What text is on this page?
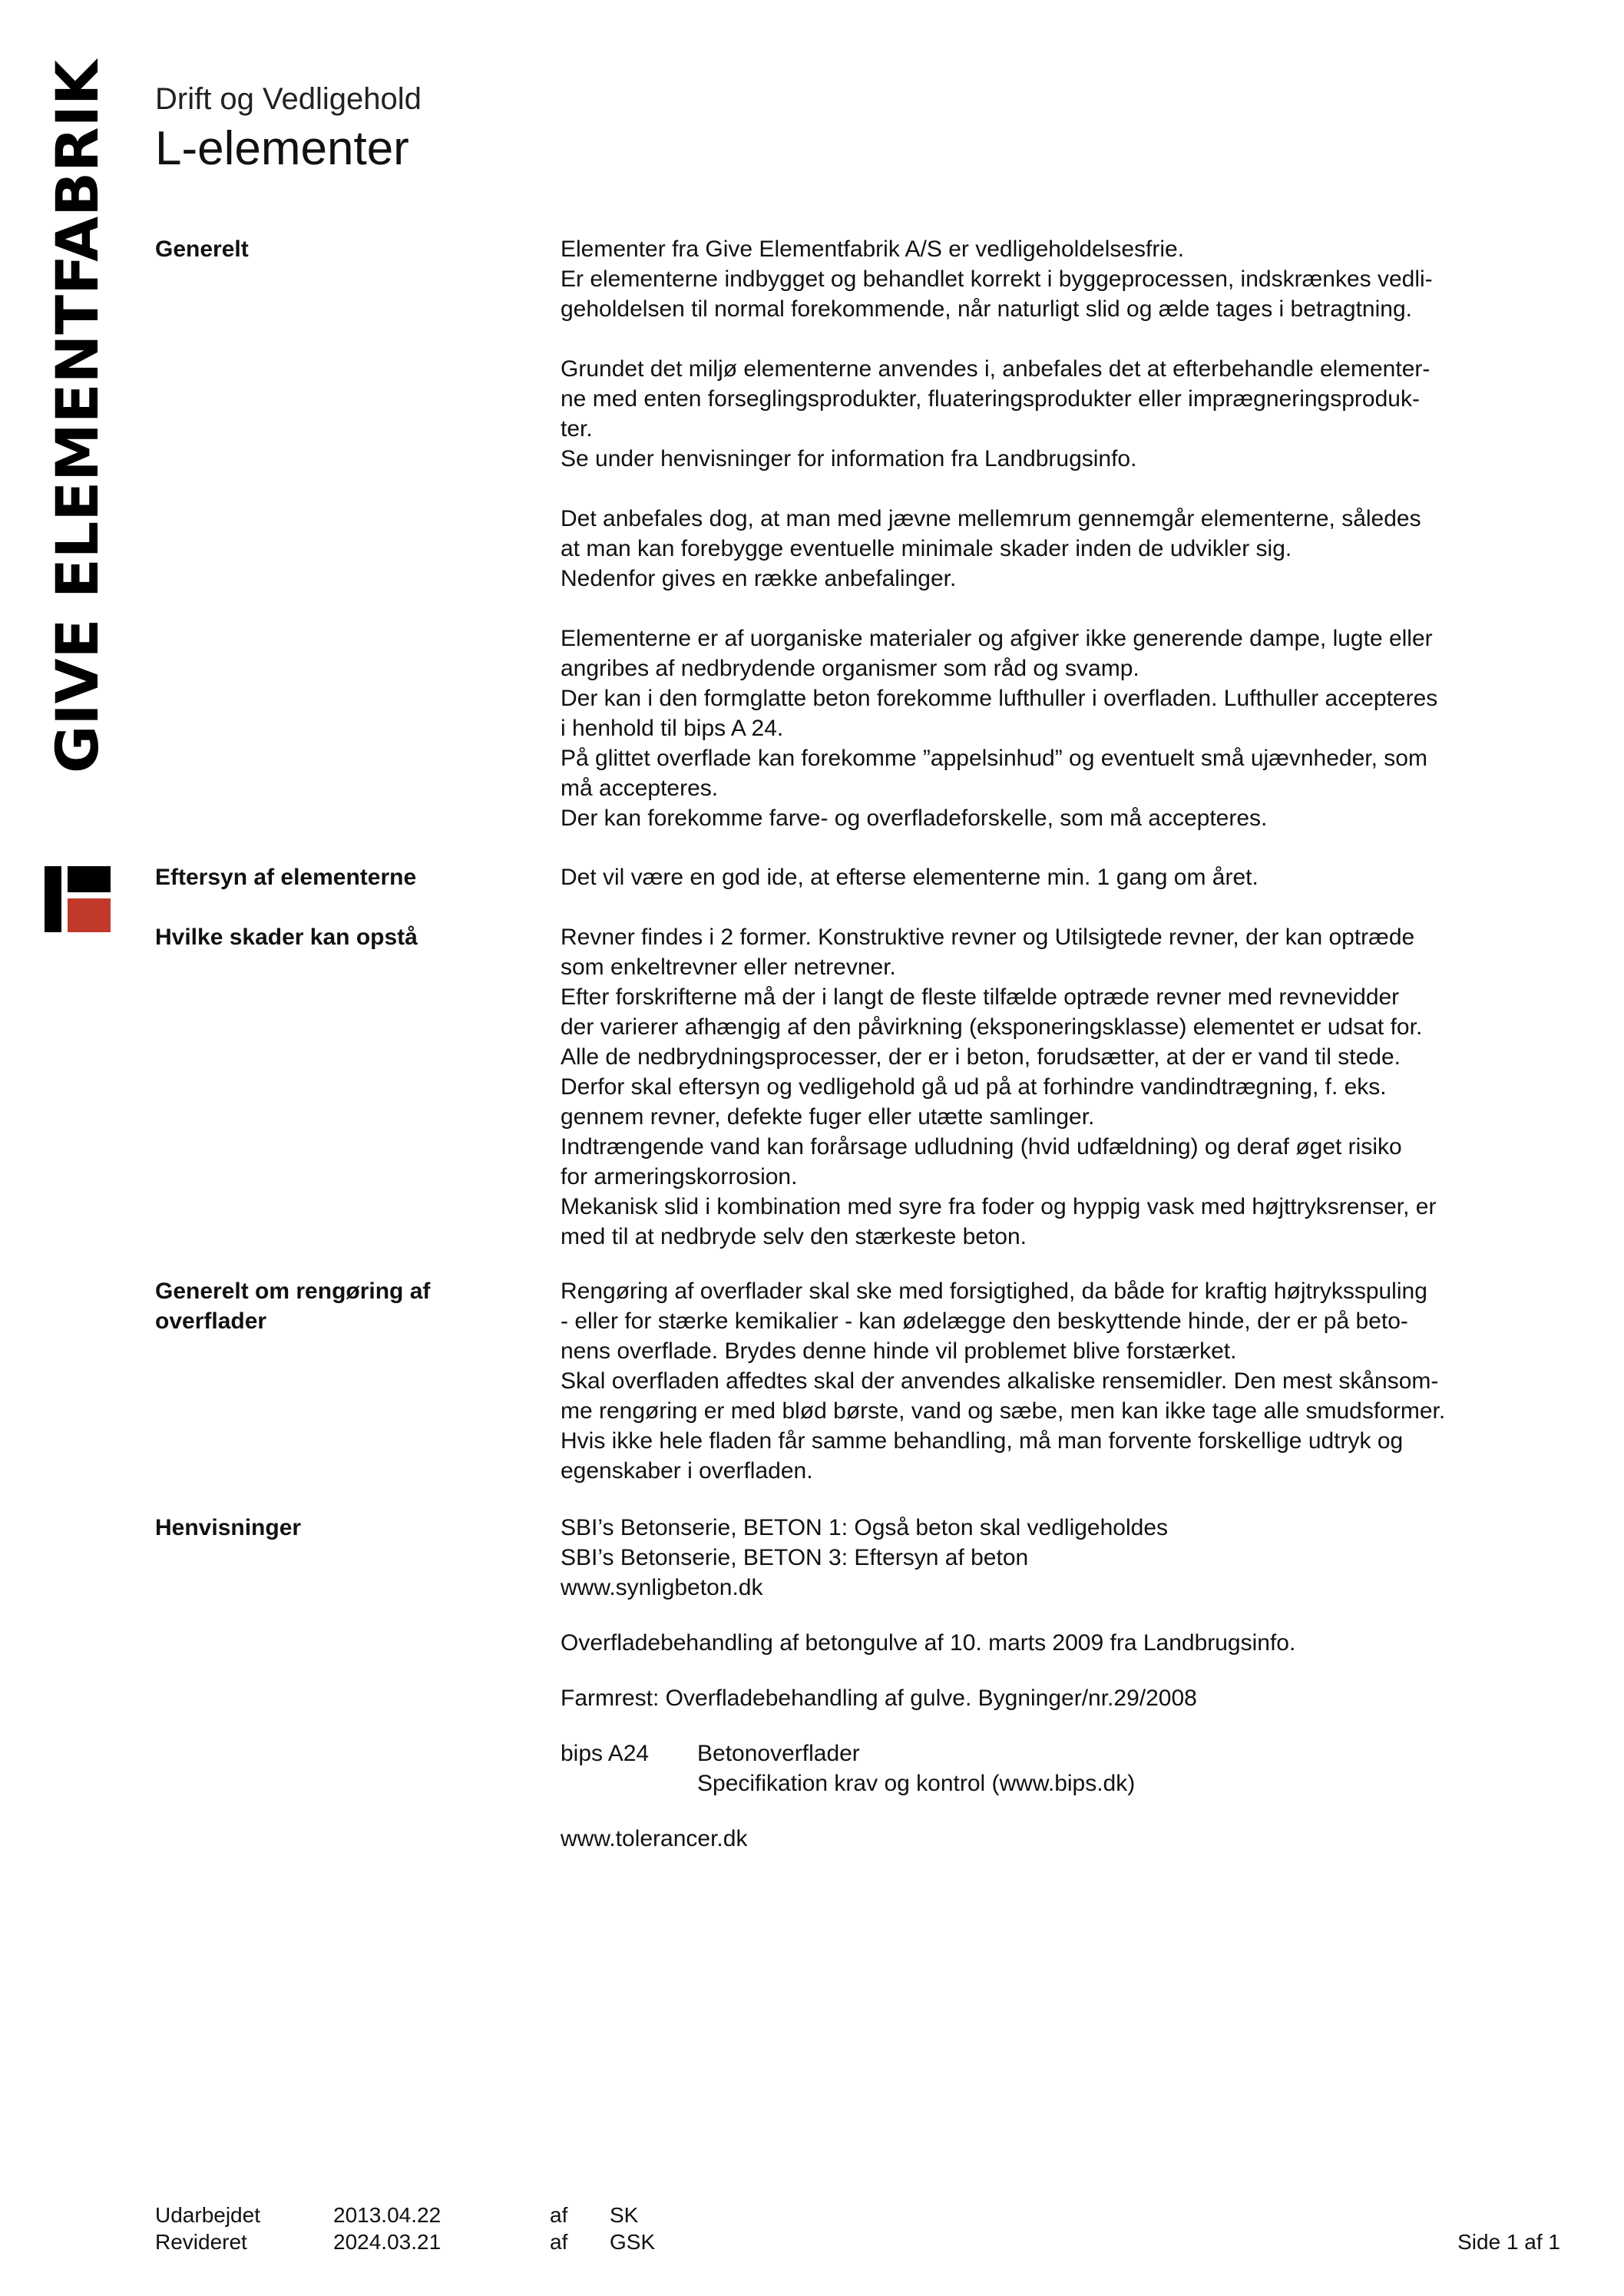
GIVE ELEMENTFABRIK Drift og Vedligehold
L-elementer
Generelt	Elementer fra Give Elementfabrik A/S er vedligeholdelsesfrie.
Er elementerne indbygget og behandlet korrekt i byggeprocessen, indskrænkes vedli-
geholdelsen til normal forekommende, når naturligt slid og ælde tages i betragtning.

Grundet det miljø elementerne anvendes i, anbefales det at efterbehandle elementer-
ne med enten forseglingsprodukter, fluateringsprodukter eller imprægneringsproduk-
ter.
Se under henvisninger for information fra Landbrugsinfo.

Det anbefales dog, at man med jævne mellemrum gennemgår elementerne, således
at man kan forebygge eventuelle minimale skader inden de udvikler sig.
Nedenfor gives en række anbefalinger.

Elementerne er af uorganiske materialer og afgiver ikke generende dampe, lugte eller
angribes af nedbrydende organismer som råd og svamp.
Der kan i den formglatte beton forekomme lufthuller i overfladen. Lufthuller accepteres
i henhold til bips A 24.
På glittet overflade kan forekomme ”appelsinhud” og eventuelt små ujævnheder, som
må accepteres.
Der kan forekomme farve- og overfladeforskelle, som må accepteres.

Eftersyn af elementerne	Det vil være en god ide, at efterse elementerne min. 1 gang om året.
Hvilke skader kan opstå	Revner findes i 2 former. Konstruktive revner og Utilsigtede revner, der kan optræde
som enkeltrevner eller netrevner.
Efter forskrifterne må der i langt de fleste tilfælde optræde revner med revnevidder
der varierer afhængig af den påvirkning (eksponeringsklasse) elementet er udsat for.
Alle de nedbrydningsprocesser, der er i beton, forudsætter, at der er vand til stede.
Derfor skal eftersyn og vedligehold gå ud på at forhindre vandindtrægning, f. eks.
gennem revner, defekte fuger eller utætte samlinger.
Indtrængende vand kan forårsage udludning (hvid udfældning) og deraf øget risiko
for armeringskorrosion.
Mekanisk slid i kombination med syre fra foder og hyppig vask med højttryksrenser, er
med til at nedbryde selv den stærkeste beton.
Generelt om rengøring af
overflader
Rengøring af overflader skal ske med forsigtighed, da både for kraftig højtryksspuling
- eller for stærke kemikalier - kan ødelægge den beskyttende hinde, der er på beto-
nens overflade. Brydes denne hinde vil problemet blive forstærket.
Skal overfladen affedtes skal der anvendes alkaliske rensemidler. Den mest skånsom-
me rengøring er med blød børste, vand og sæbe, men kan ikke tage alle smudsformer.
Hvis ikke hele fladen får samme behandling, må man forvente forskellige udtryk og
egenskaber i overfladen.
Henvisninger	SBI’s Betonserie, BETON 1: Også beton skal vedligeholdes
SBI’s Betonserie, BETON 3: Eftersyn af beton
www.synligbeton.dk
Overfladebehandling af betongulve af 10. marts 2009 fra Landbrugsinfo.
Farmrest: Overfladebehandling af gulve. Bygninger/nr.29/2008
bips A24 Betonoverflader
Specifikation krav og kontrol (www.bips.dk)
www.tolerancer.dk
Udarbejdet	2013.04.22	af SK
Revideret	2024.03.21	af GSK	Side 1 af 1
